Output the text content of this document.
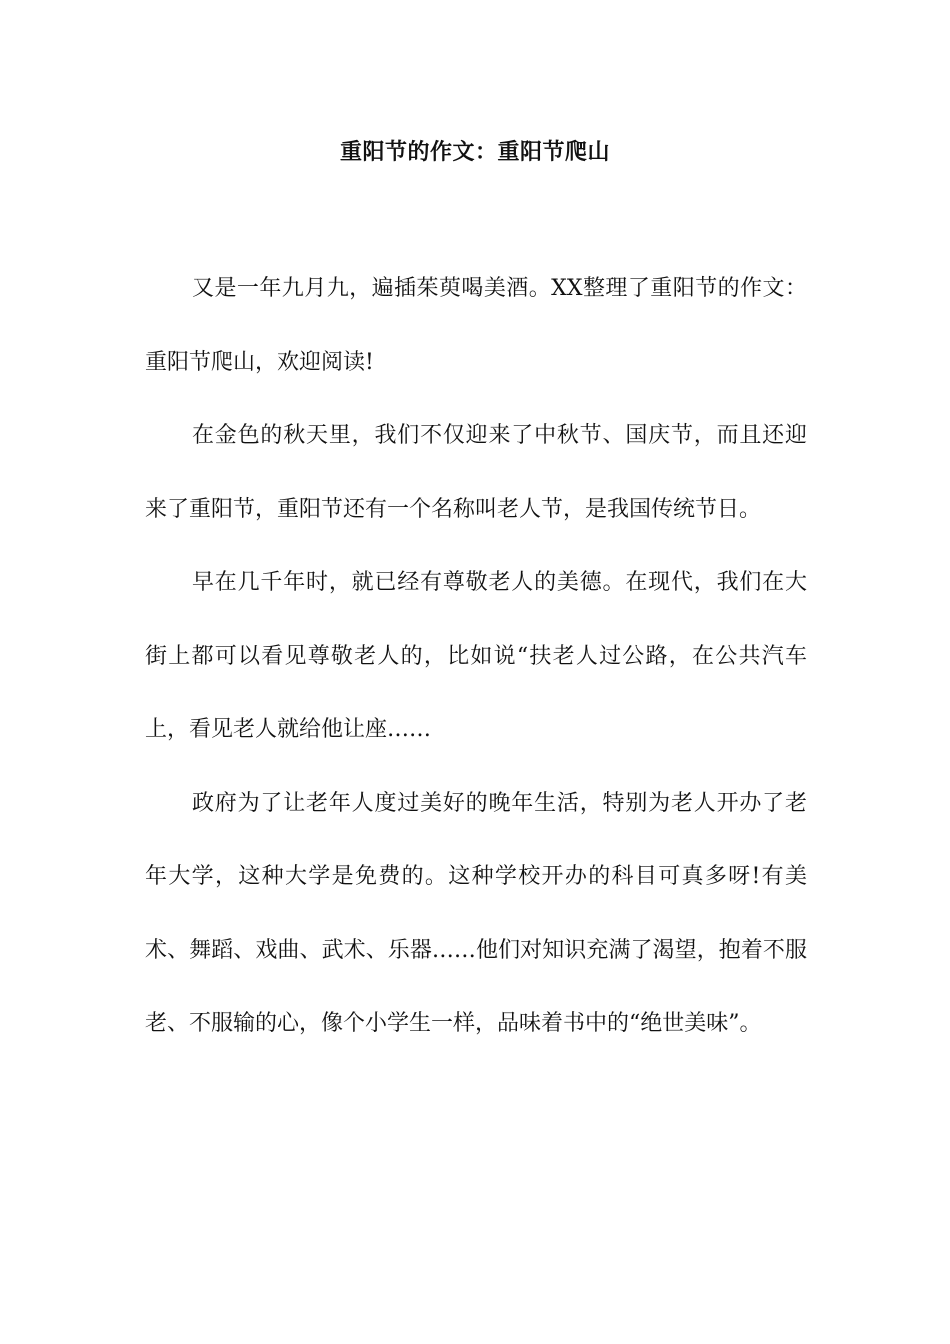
重阳节的作文：重阳节爬山

又是一年九月九，遍插茱萸喝美酒。XX整理了重阳节的作文：重阳节爬山，欢迎阅读!

在金色的秋天里，我们不仅迎来了中秋节、国庆节，而且还迎来了重阳节，重阳节还有一个名称叫老人节，是我国传统节日。

早在几千年时，就已经有尊敬老人的美德。在现代，我们在大街上都可以看见尊敬老人的，比如说“扶老人过公路，在公共汽车上，看见老人就给他让座……

政府为了让老年人度过美好的晚年生活，特别为老人开办了老年大学，这种大学是免费的。这种学校开办的科目可真多呀!有美术、舞蹈、戏曲、武术、乐器……他们对知识充满了渴望，抱着不服老、不服输的心，像个小学生一样，品味着书中的“绝世美味”。
